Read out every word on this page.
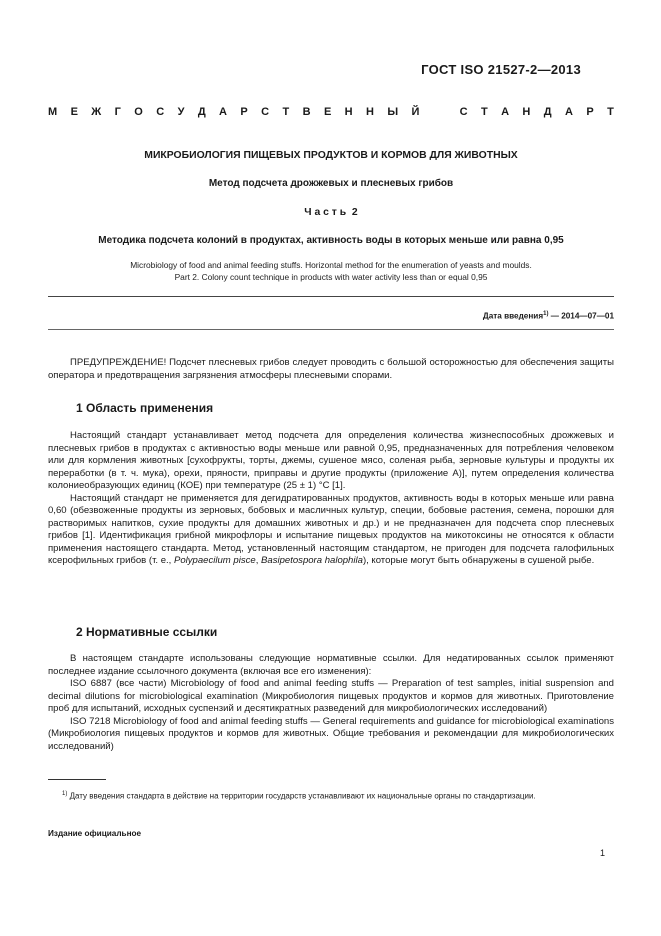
ГОСТ ISO 21527-2—2013
М Е Ж Г О С У Д А Р С Т В Е Н Н Ы Й	С Т А Н Д А Р Т
МИКРОБИОЛОГИЯ ПИЩЕВЫХ ПРОДУКТОВ И КОРМОВ ДЛЯ ЖИВОТНЫХ
Метод подсчета дрожжевых и плесневых грибов
Ч а с т ь  2
Методика подсчета колоний в продуктах, активность воды в которых меньше или равна 0,95
Microbiology of food and animal feeding stuffs. Horizontal method for the enumeration of yeasts and moulds.
Part 2. Colony count technique in products with water activity less than or equal 0,95
Дата введения$^{1)}$ — 2014—07—01

ПРЕДУПРЕЖДЕНИЕ! Подсчет плесневых грибов следует проводить с большой осторожностью для обеспечения защиты оператора и предотвращения загрязнения атмосферы плесневыми спорами.

1 Область применения

Настоящий стандарт устанавливает метод подсчета для определения количества жизнеспособных дрожжевых и плесневых грибов в продуктах с активностью воды меньше или равной 0,95, предназначенных для потребления человеком или для кормления животных [сухофрукты, торты, джемы, сушеное мясо, соленая рыба, зерновые культуры и продукты их переработки (в т. ч. мука), орехи, пряности, приправы и другие продукты (приложение А)], путем определения количества колониеобразующих единиц (КОЕ) при температуре (25 ± 1) °С [1].

Настоящий стандарт не применяется для дегидратированных продуктов, активность воды в которых меньше или равна 0,60 (обезвоженные продукты из зерновых, бобовых и масличных культур, специи, бобовые растения, семена, порошки для растворимых напитков, сухие продукты для домашних животных и др.) и не предназначен для подсчета спор плесневых грибов [1]. Идентификация грибной микрофлоры и испытание пищевых продуктов на микотоксины не относятся к области применения настоящего стандарта. Метод, установленный настоящим стандартом, не пригоден для подсчета галофильных ксерофильных грибов (т. е., Polypaecilum pisce, Basipetospora halophila), которые могут быть обнаружены в сушеной рыбе.

2 Нормативные ссылки

В настоящем стандарте использованы следующие нормативные ссылки. Для недатированных ссылок применяют последнее издание ссылочного документа (включая все его изменения):

ISO 6887 (все части) Microbiology of food and animal feeding stuffs — Preparation of test samples, initial suspension and decimal dilutions for microbiological examination (Микробиология пищевых продуктов и кормов для животных. Приготовление проб для испытаний, исходных суспензий и десятикратных разведений для микробиологических исследований)

ISO 7218 Microbiology of food and animal feeding stuffs — General requirements and guidance for microbiological examinations (Микробиология пищевых продуктов и кормов для животных. Общие требования и рекомендации для микробиологических исследований)

$^{1)}$ Дату введения стандарта в действие на территории государств устанавливают их национальные органы по стандартизации.

Издание официальное
1
